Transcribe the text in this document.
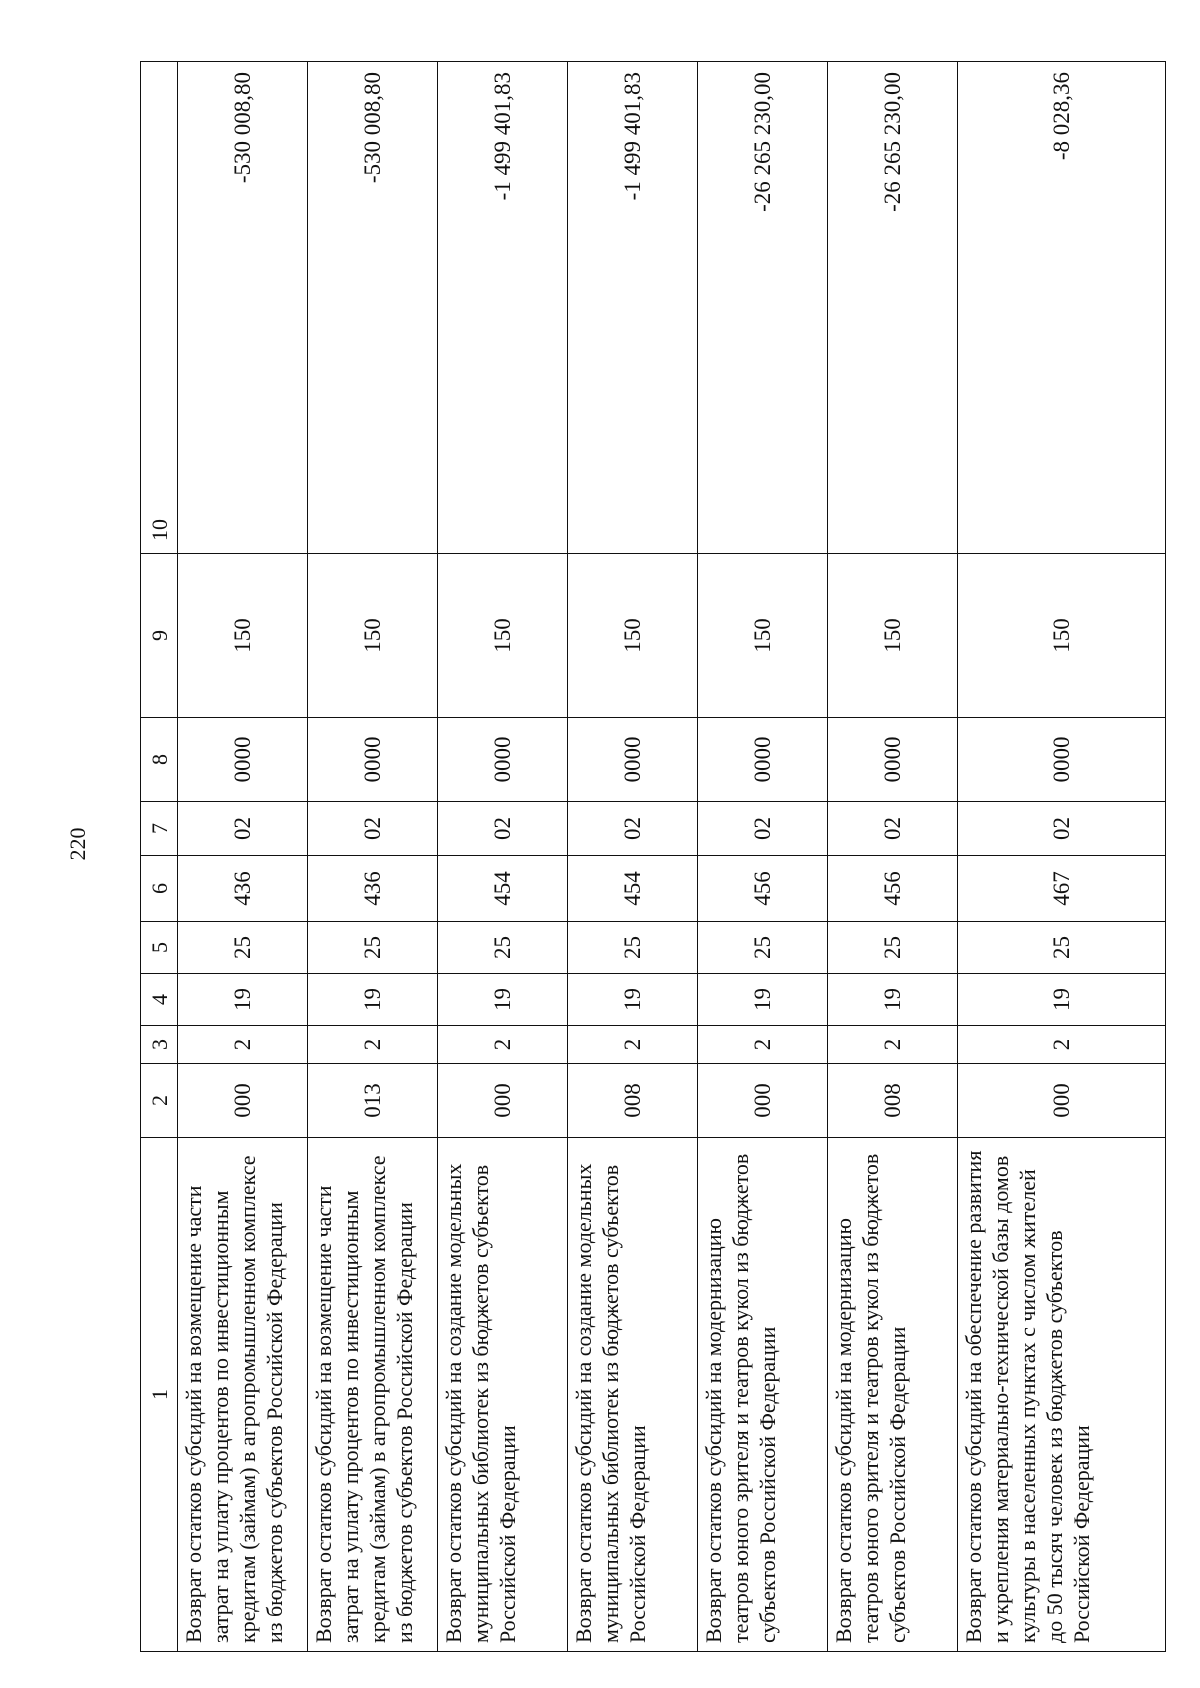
220
1	2	3	4	5	6	7	8	9	10
Возврат остатков субсидий на возмещение части затрат на уплату процентов по инвестиционным кредитам (займам) в агропромышленном комплексе из бюджетов субъектов Российской Федерации	000	2	19	25	436	02	0000	150	-530 008,80
Возврат остатков субсидий на возмещение части затрат на уплату процентов по инвестиционным кредитам (займам) в агропромышленном комплексе из бюджетов субъектов Российской Федерации	013	2	19	25	436	02	0000	150	-530 008,80
Возврат остатков субсидий на создание модельных муниципальных библиотек из бюджетов субъектов Российской Федерации	000	2	19	25	454	02	0000	150	-1 499 401,83
Возврат остатков субсидий на создание модельных муниципальных библиотек из бюджетов субъектов Российской Федерации	008	2	19	25	454	02	0000	150	-1 499 401,83
Возврат остатков субсидий на модернизацию театров юного зрителя и театров кукол из бюджетов субъектов Российской Федерации	000	2	19	25	456	02	0000	150	-26 265 230,00
Возврат остатков субсидий на модернизацию театров юного зрителя и театров кукол из бюджетов субъектов Российской Федерации	008	2	19	25	456	02	0000	150	-26 265 230,00
Возврат остатков субсидий на обеспечение развития и укрепления материально-технической базы домов культуры в населенных пунктах с числом жителей до 50 тысяч человек из бюджетов субъектов Российской Федерации	000	2	19	25	467	02	0000	150	-8 028,36
